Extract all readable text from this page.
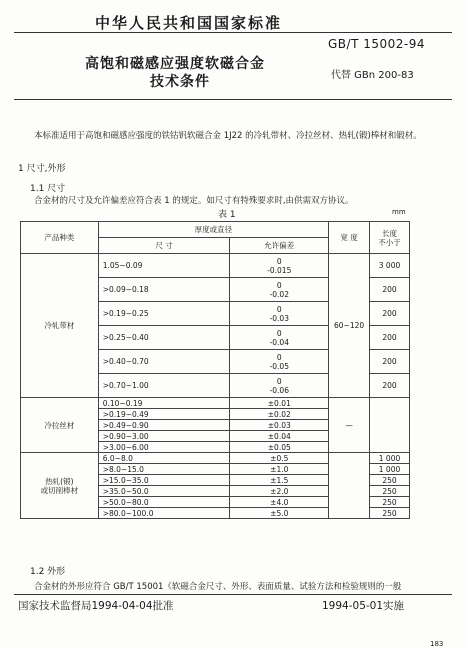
中华人民共和国国家标准
GB/T 15002-94
高饱和磁感应强度软磁合金
技术条件	代替 GBn 200-83
本标准适用于高饱和磁感应强度的铁钴钒软磁合金 1J22 的冷轧带材、冷拉丝材、热轧(锻)棒材和锻材。
1 尺寸,外形
1.1 尺寸
合金材的尺寸及允许偏差应符合表 1 的规定。如尺寸有特殊要求时,由供需双方协议。
表 1	mm
产品种类	厚度或直径		宽 度	长度
不小于

	尺 寸	允许偏差		
冷轧带材	1.05~0.09	0
-0.015	60~120	3 000
	>0.09~0.18	0
-0.02		200
	>0.19~0.25	0
-0.03		200
	>0.25~0.40	0
-0.04		200
	>0.40~0.70	0
-0.05		200
	>0.70~1.00	0
-0.06		200
冷拉丝材	0.10~0.19	±0.01	—	
	>0.19~0.49	±0.02		
	>0.49~0.90	±0.03		
	>0.90~3.00	±0.04		
	>3.00~6.00	±0.05		

热轧(锻)
或切削棒材	6.0~8.0	±0.5		1 000
	>8.0~15.0	±1.0		1 000
	>15.0~35.0	±1.5		250
	>35.0~50.0	±2.0		250
	>50.0~80.0	±4.0		250
	>80.0~100.0	±5.0		250
1.2 外形
合金材的外形应符合 GB/T 15001《软磁合金尺寸、外形、表面质量、试验方法和检验规则的一般
国家技术监督局1994-04-04批准	1994-05-01实施
183
